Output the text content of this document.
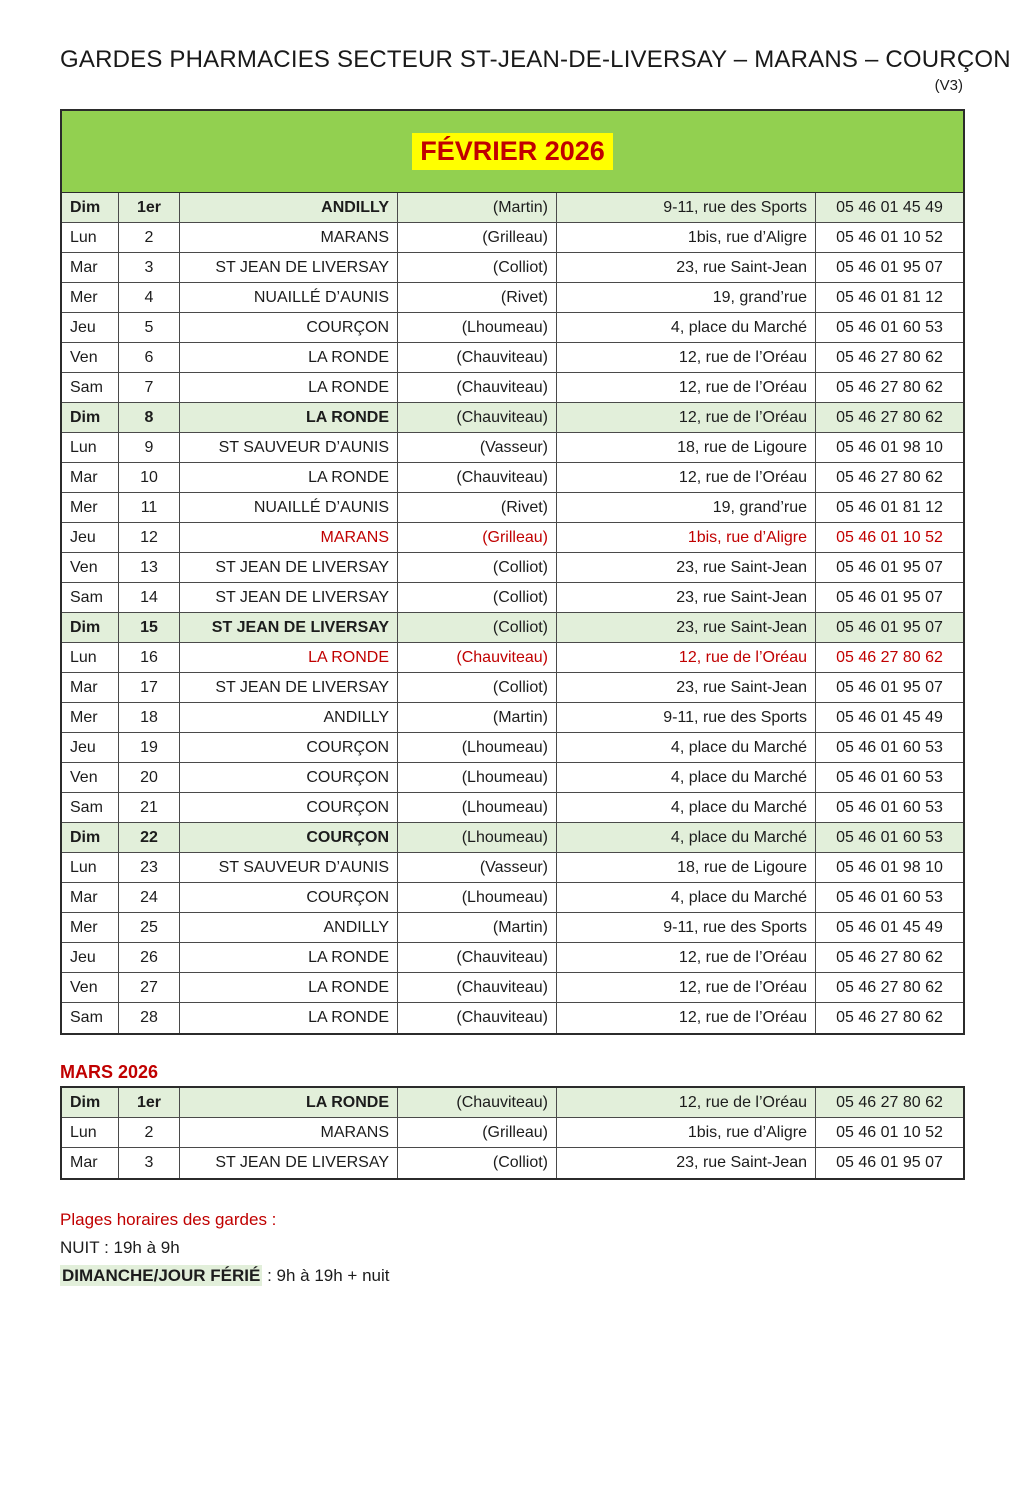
GARDES PHARMACIES SECTEUR ST-JEAN-DE-LIVERSAY – MARANS – COURÇON
(V3)
FÉVRIER 2026
Dim	1er	ANDILLY	(Martin)	9-11, rue des Sports	05 46 01 45 49
Lun	2	MARANS	(Grilleau)	1bis, rue d’Aligre	05 46 01 10 52
Mar	3	ST JEAN DE LIVERSAY	(Colliot)	23, rue Saint-Jean	05 46 01 95 07
Mer	4	NUAILLÉ D’AUNIS	(Rivet)	19, grand’rue	05 46 01 81 12
Jeu	5	COURÇON	(Lhoumeau)	4, place du Marché	05 46 01 60 53
Ven	6	LA RONDE	(Chauviteau)	12, rue de l’Oréau	05 46 27 80 62
Sam	7	LA RONDE	(Chauviteau)	12, rue de l’Oréau	05 46 27 80 62
Dim	8	LA RONDE	(Chauviteau)	12, rue de l’Oréau	05 46 27 80 62
Lun	9	ST SAUVEUR D’AUNIS	(Vasseur)	18, rue de Ligoure	05 46 01 98 10
Mar	10	LA RONDE	(Chauviteau)	12, rue de l’Oréau	05 46 27 80 62
Mer	11	NUAILLÉ D’AUNIS	(Rivet)	19, grand’rue	05 46 01 81 12
Jeu	12	MARANS	(Grilleau)	1bis, rue d’Aligre	05 46 01 10 52
Ven	13	ST JEAN DE LIVERSAY	(Colliot)	23, rue Saint-Jean	05 46 01 95 07
Sam	14	ST JEAN DE LIVERSAY	(Colliot)	23, rue Saint-Jean	05 46 01 95 07
Dim	15	ST JEAN DE LIVERSAY	(Colliot)	23, rue Saint-Jean	05 46 01 95 07
Lun	16	LA RONDE	(Chauviteau)	12, rue de l’Oréau	05 46 27 80 62
Mar	17	ST JEAN DE LIVERSAY	(Colliot)	23, rue Saint-Jean	05 46 01 95 07
Mer	18	ANDILLY	(Martin)	9-11, rue des Sports	05 46 01 45 49
Jeu	19	COURÇON	(Lhoumeau)	4, place du Marché	05 46 01 60 53
Ven	20	COURÇON	(Lhoumeau)	4, place du Marché	05 46 01 60 53
Sam	21	COURÇON	(Lhoumeau)	4, place du Marché	05 46 01 60 53
Dim	22	COURÇON	(Lhoumeau)	4, place du Marché	05 46 01 60 53
Lun	23	ST SAUVEUR D’AUNIS	(Vasseur)	18, rue de Ligoure	05 46 01 98 10
Mar	24	COURÇON	(Lhoumeau)	4, place du Marché	05 46 01 60 53
Mer	25	ANDILLY	(Martin)	9-11, rue des Sports	05 46 01 45 49
Jeu	26	LA RONDE	(Chauviteau)	12, rue de l’Oréau	05 46 27 80 62
Ven	27	LA RONDE	(Chauviteau)	12, rue de l’Oréau	05 46 27 80 62
Sam	28	LA RONDE	(Chauviteau)	12, rue de l’Oréau	05 46 27 80 62
MARS 2026
Dim	1er	LA RONDE	(Chauviteau)	12, rue de l’Oréau	05 46 27 80 62
Lun	2	MARANS	(Grilleau)	1bis, rue d’Aligre	05 46 01 10 52
Mar	3	ST JEAN DE LIVERSAY	(Colliot)	23, rue Saint-Jean	05 46 01 95 07
Plages horaires des gardes :
NUIT : 19h à 9h
DIMANCHE/JOUR FÉRIÉ : 9h à 19h + nuit
